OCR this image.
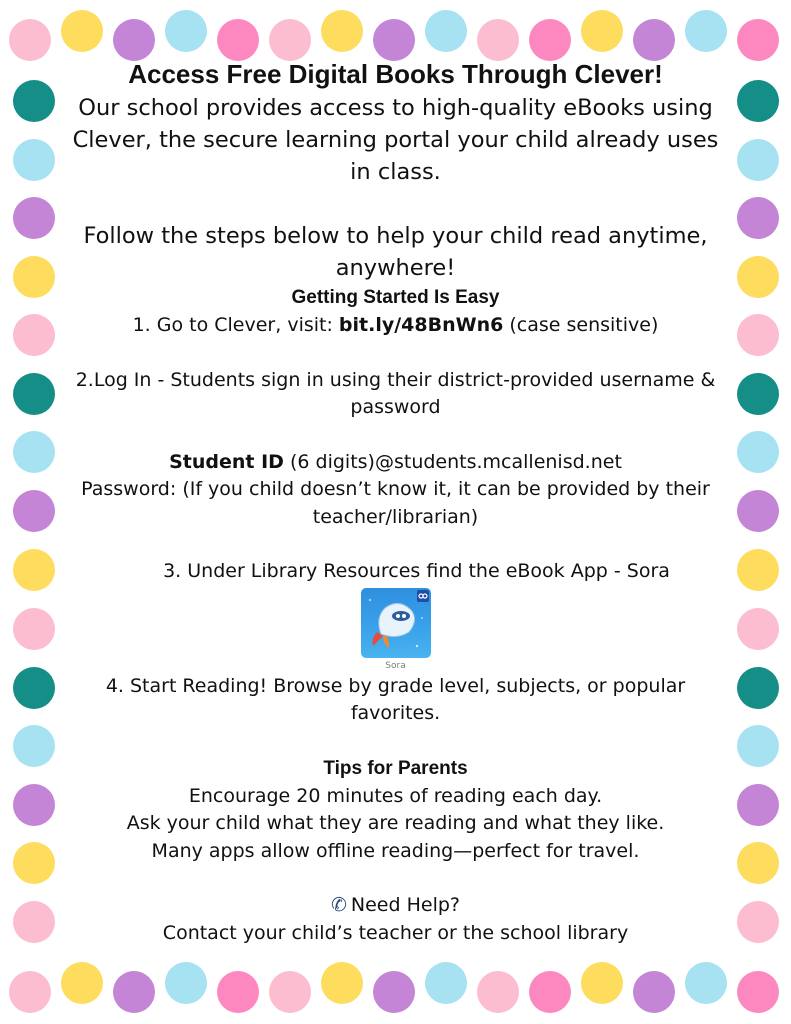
Access Free Digital Books Through Clever!

Our school provides access to high-quality eBooks using Clever, the secure learning portal your child already uses in class.

Follow the steps below to help your child read anytime, anywhere!

Getting Started Is Easy

1. Go to Clever, visit: bit.ly/48BnWn6 (case sensitive)

2.Log In - Students sign in using their district-provided username & password

Student ID (6 digits)@students.mcallenisd.net

Password: (If you child doesn’t know it, it can be provided by their teacher/librarian)

3. Under Library Resources find the eBook App - Sora

Sora

4. Start Reading! Browse by grade level, subjects, or popular favorites.

Tips for Parents

Encourage 20 minutes of reading each day.

Ask your child what they are reading and what they like.

Many apps allow offline reading—perfect for travel.

✆ Need Help?

Contact your child’s teacher or the school library
